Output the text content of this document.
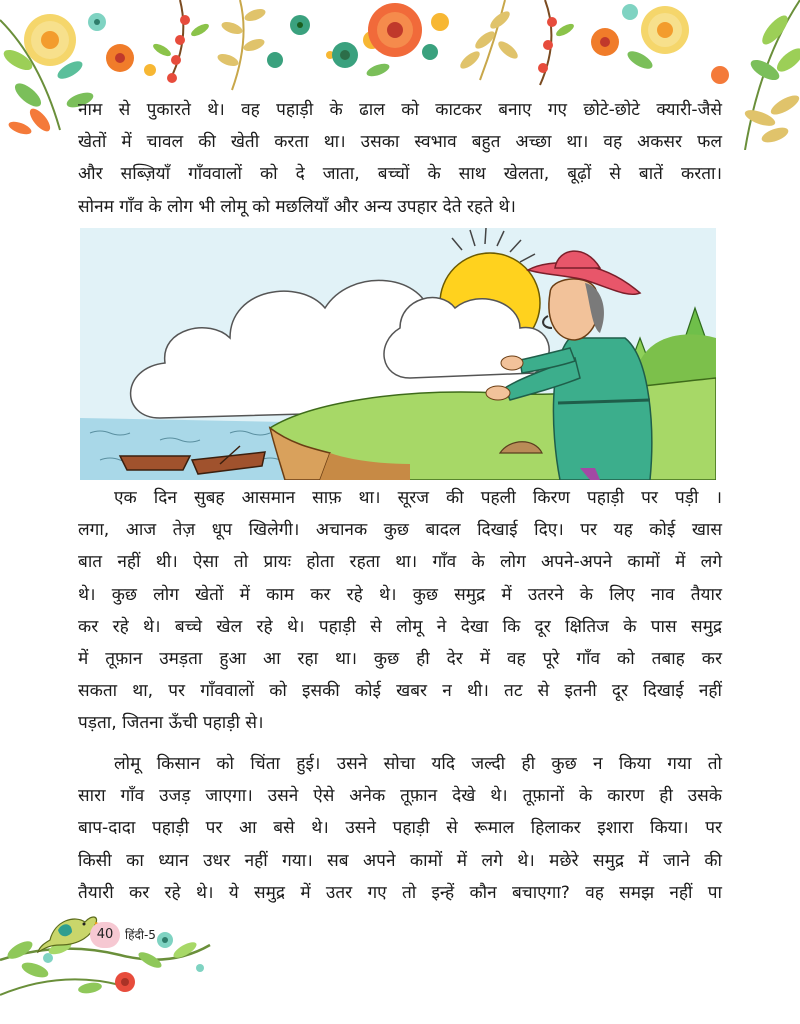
नाम से पुकारते थे। वह पहाड़ी के ढाल को काटकर बनाए गए छोटे-छोटे क्यारी-जैसे
खेतों में चावल की खेती करता था। उसका स्वभाव बहुत अच्छा था। वह अकसर फल
और सब्ज़ियाँ गाँववालों को दे जाता, बच्चों के साथ खेलता, बूढ़ों से बातें करता।
सोनम गाँव के लोग भी लोमू को मछलियाँ और अन्य उपहार देते रहते थे।
एक दिन सुबह आसमान साफ़ था। सूरज की पहली किरण पहाड़ी पर पड़ी ।
लगा, आज तेज़ धूप खिलेगी। अचानक कुछ बादल दिखाई दिए। पर यह कोई खास
बात नहीं थी। ऐसा तो प्रायः होता रहता था। गाँव के लोग अपने-अपने कामों में लगे
थे। कुछ लोग खेतों में काम कर रहे थे। कुछ समुद्र में उतरने के लिए नाव तैयार
कर रहे थे। बच्चे खेल रहे थे। पहाड़ी से लोमू ने देखा कि दूर क्षितिज के पास समुद्र
में तूफ़ान उमड़ता हुआ आ रहा था। कुछ ही देर में वह पूरे गाँव को तबाह कर
सकता था, पर गाँववालों को इसकी कोई खबर न थी। तट से इतनी दूर दिखाई नहीं
पड़ता, जितना ऊँची पहाड़ी से।
लोमू किसान को चिंता हुई। उसने सोचा यदि जल्दी ही कुछ न किया गया तो
सारा गाँव उजड़ जाएगा। उसने ऐसे अनेक तूफ़ान देखे थे। तूफ़ानों के कारण ही उसके
बाप-दादा पहाड़ी पर आ बसे थे। उसने पहाड़ी से रूमाल हिलाकर इशारा किया। पर
किसी का ध्यान उधर नहीं गया। सब अपने कामों में लगे थे। मछेरे समुद्र में जाने की
तैयारी कर रहे थे। ये समुद्र में उतर गए तो इन्हें कौन बचाएगा? वह समझ नहीं पा
40 हिंदी-5
